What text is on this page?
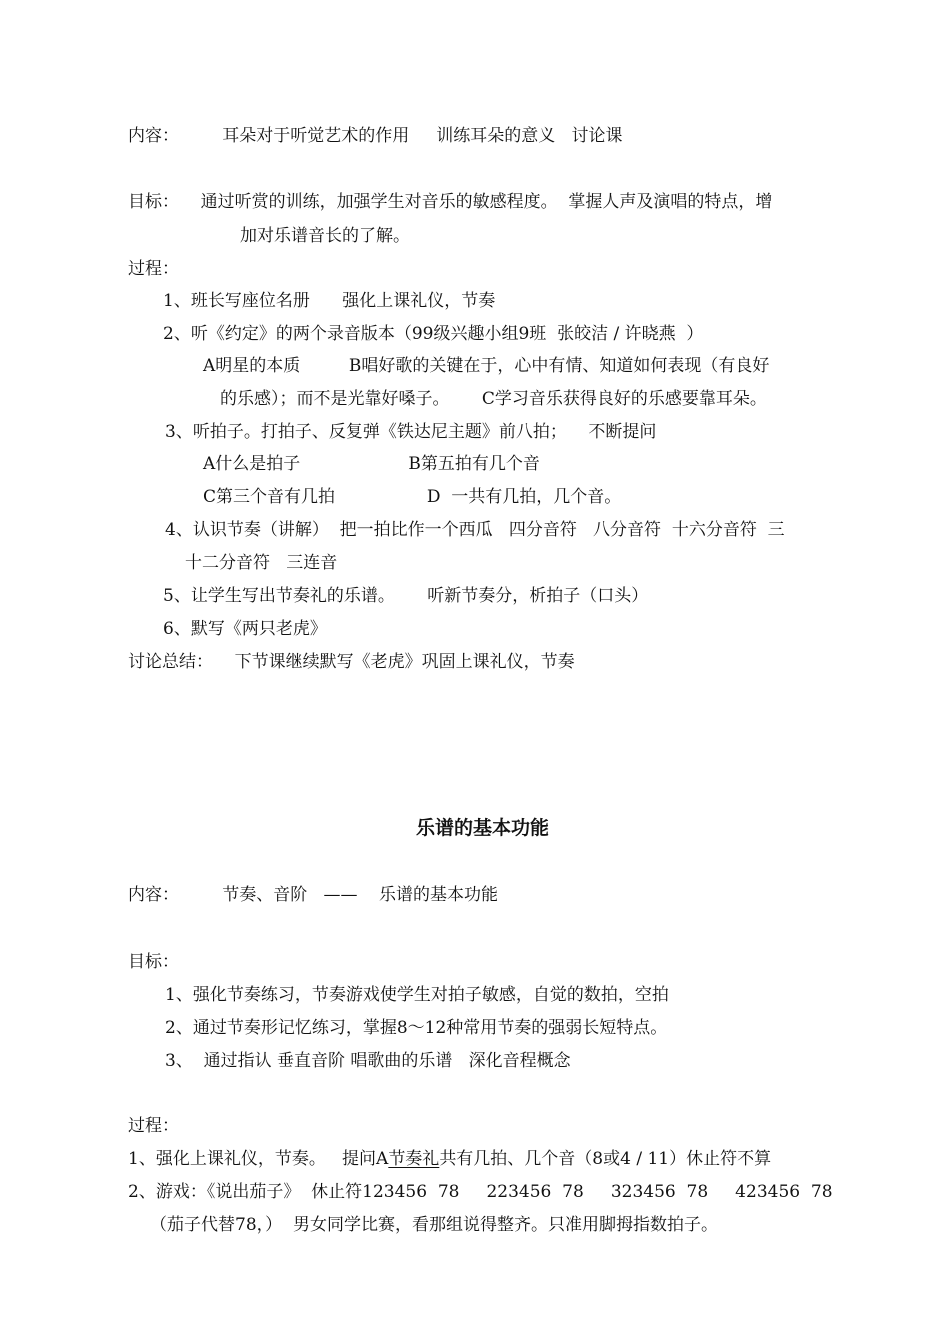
内容：        耳朵对于听觉艺术的作用     训练耳朵的意义   讨论课

目标：    通过听赏的训练，加强学生对音乐的敏感程度。  掌握人声及演唱的特点，增

加对乐谱音长的了解。

过程：

1、班长写座位名册      强化上课礼仪，节奏

2、听《约定》的两个录音版本（99级兴趣小组9班  张皎洁 / 许晓燕  ）

A明星的本质         B唱好歌的关键在于，心中有情、知道如何表现（有良好

的乐感）；而不是光靠好嗓子。      C学习音乐获得良好的乐感要靠耳朵。

3、听拍子。打拍子、反复弹《铁达尼主题》前八拍；    不断提问

A什么是拍子                    B第五拍有几个音

C第三个音有几拍                 D  一共有几拍，几个音。

4、认识节奏（讲解）  把一拍比作一个西瓜   四分音符   八分音符  十六分音符  三

十二分音符   三连音

5、让学生写出节奏礼的乐谱。      听新节奏分，析拍子（口头）

6、默写《两只老虎》

讨论总结：    下节课继续默写《老虎》巩固上课礼仪，节奏

乐谱的基本功能

内容：        节奏、音阶   ——    乐谱的基本功能

目标：

1、强化节奏练习，节奏游戏使学生对拍子敏感，自觉的数拍，空拍

2、通过节奏形记忆练习，掌握8～12种常用节奏的强弱长短特点。

3、  通过指认 垂直音阶 唱歌曲的乐谱   深化音程概念

过程：

1、强化上课礼仪，节奏。   提问A节奏礼共有几拍、几个音（8或4 / 11）休止符不算

2、游戏：《说出茄子》  休止符123456  78     223456  78     323456  78     423456  78

（茄子代替78，）  男女同学比赛，看那组说得整齐。只准用脚拇指数拍子。
